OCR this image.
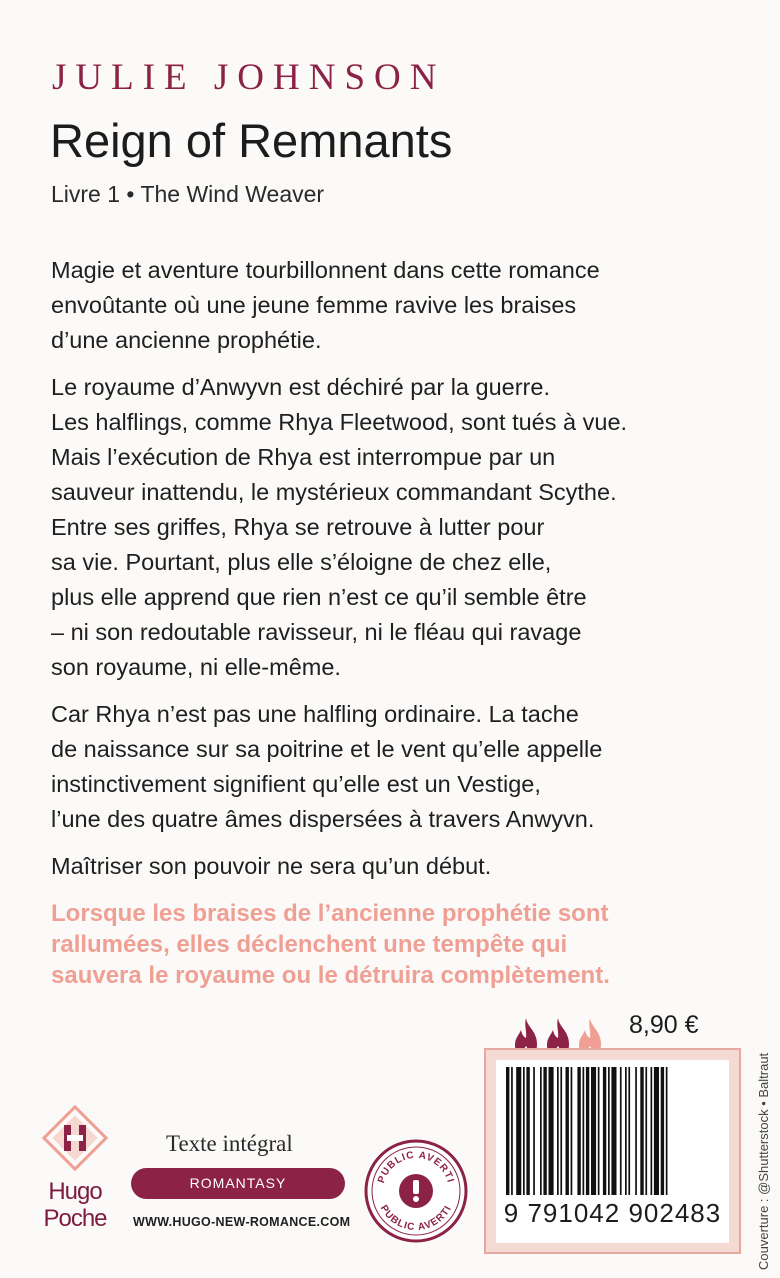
JULIE JOHNSON
Reign of Remnants
Livre 1 • The Wind Weaver

Magie et aventure tourbillonnent dans cette romance
envoûtante où une jeune femme ravive les braises
d’une ancienne prophétie.

Le royaume d’Anwyvn est déchiré par la guerre.
Les halflings, comme Rhya Fleetwood, sont tués à vue.
Mais l’exécution de Rhya est interrompue par un
sauveur inattendu, le mystérieux commandant Scythe.
Entre ses griffes, Rhya se retrouve à lutter pour
sa vie. Pourtant, plus elle s’éloigne de chez elle,
plus elle apprend que rien n’est ce qu’il semble être
– ni son redoutable ravisseur, ni le fléau qui ravage
son royaume, ni elle-même.

Car Rhya n’est pas une halfling ordinaire. La tache
de naissance sur sa poitrine et le vent qu’elle appelle
instinctivement signifient qu’elle est un Vestige,
l’une des quatre âmes dispersées à travers Anwyvn.

Maîtriser son pouvoir ne sera qu’un début.

Lorsque les braises de l’ancienne prophétie sont
rallumées, elles déclenchent une tempête qui
sauvera le royaume ou le détruira complètement.
Couverture : @Shutterstock • Baltraut
8,90 €
9 791042 902483
Hugo
Poche
Texte intégral
ROMANTASY
WWW.HUGO-NEW-ROMANCE.COM
PUBLIC AVERTI
PUBLIC AVERTI
